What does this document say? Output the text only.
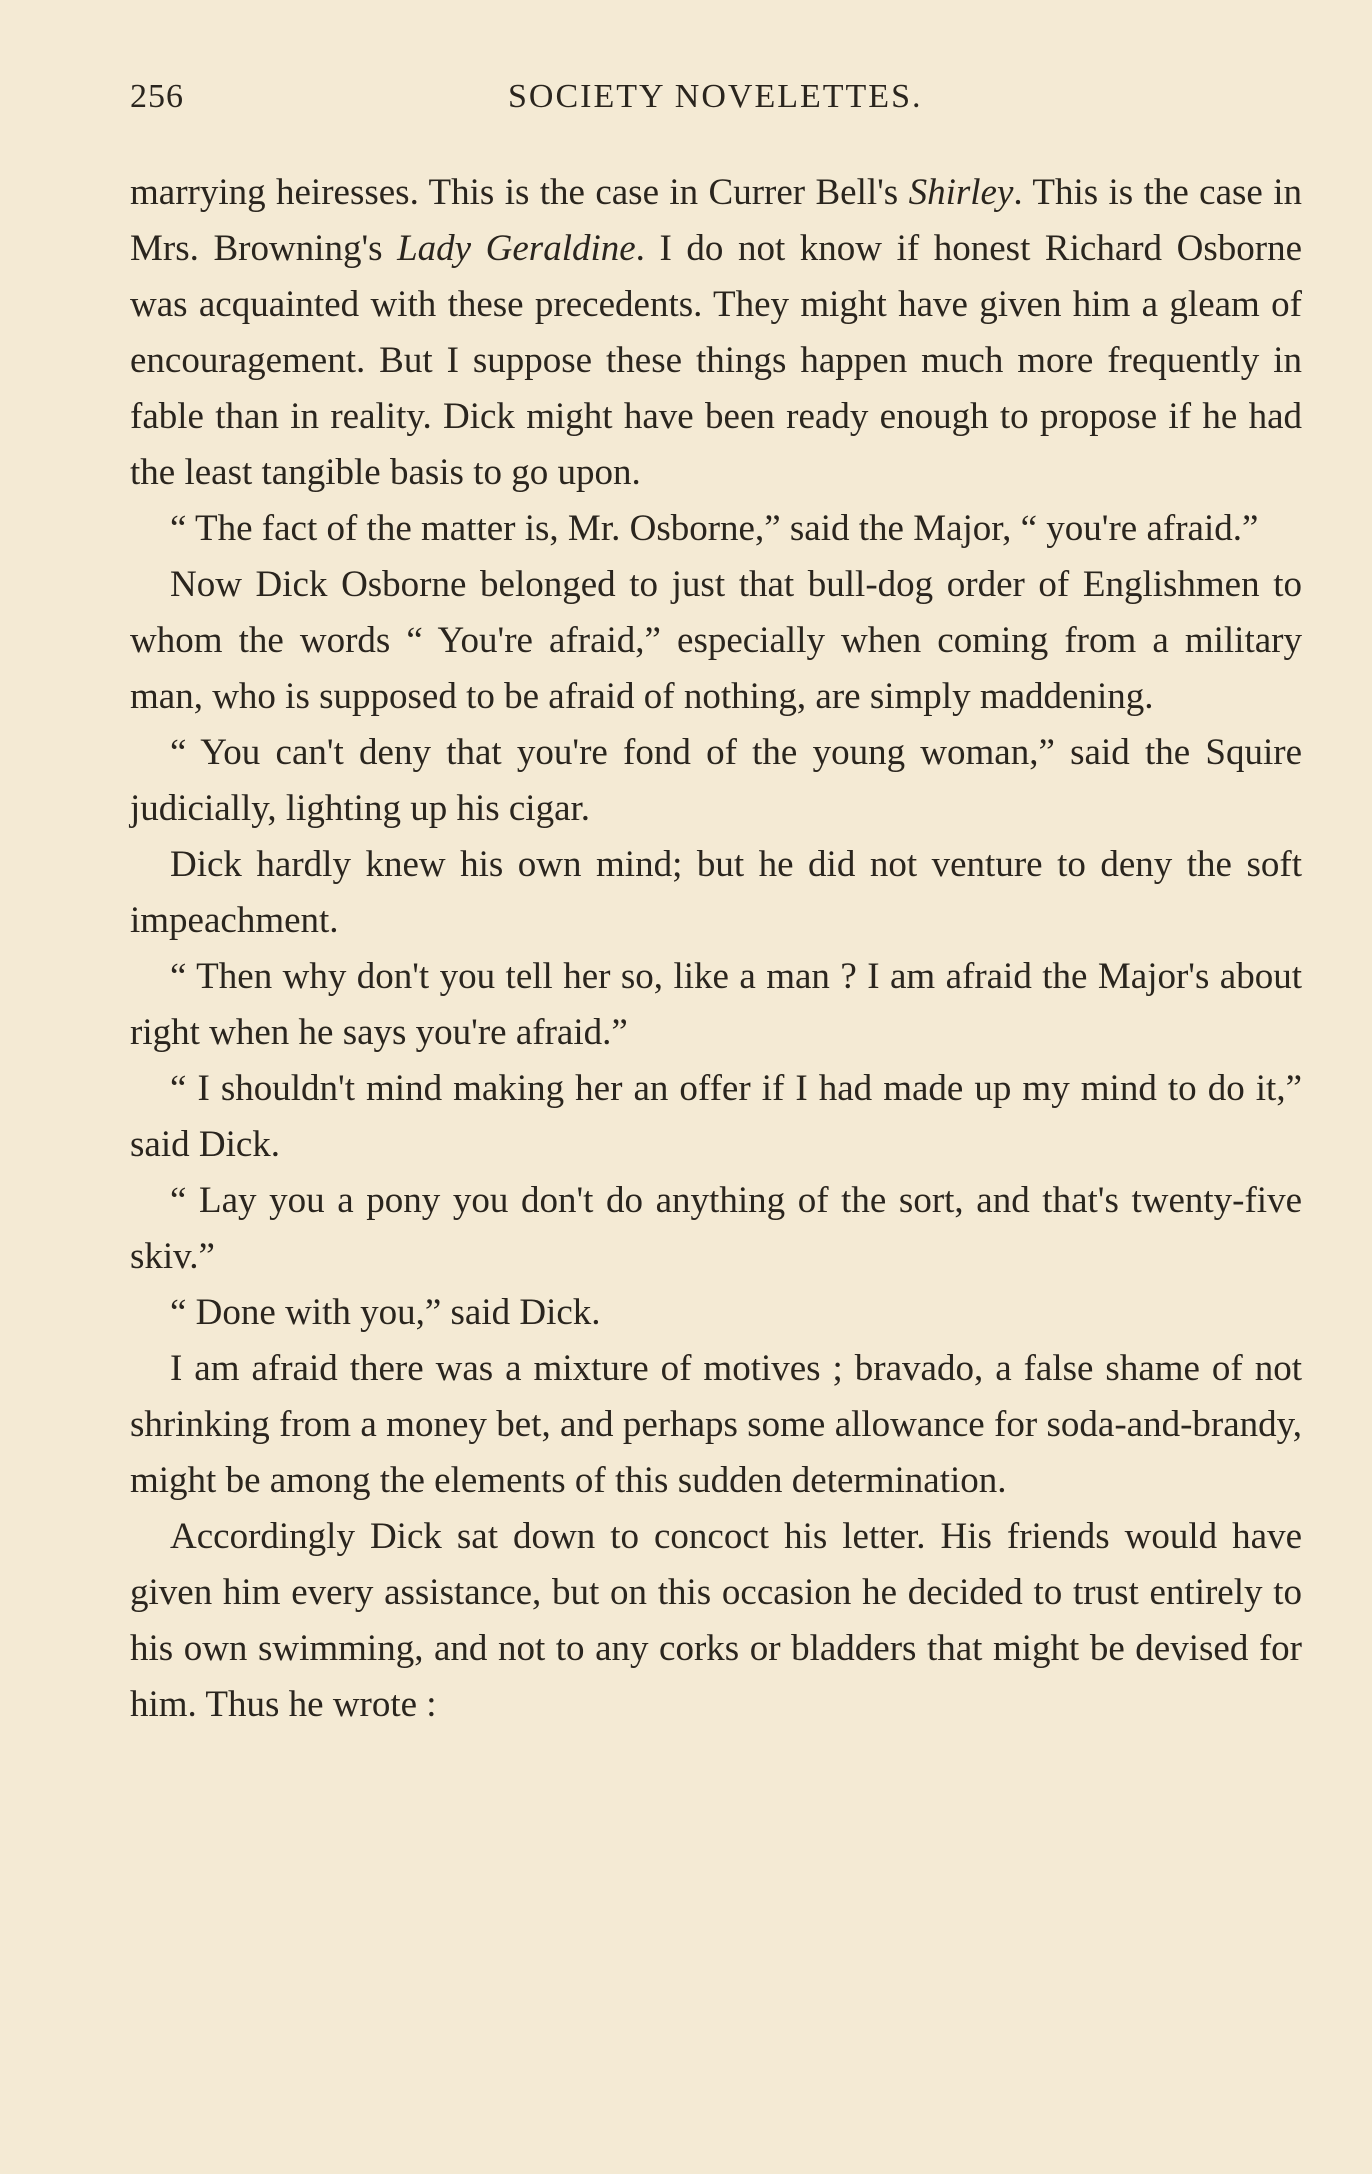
256	SOCIETY NOVELETTES.

marrying heiresses. This is the case in Currer Bell's Shirley. This is the case in Mrs. Browning's Lady Geraldine. I do not know if honest Richard Osborne was acquainted with these precedents. They might have given him a gleam of encouragement. But I suppose these things happen much more frequently in fable than in reality. Dick might have been ready enough to propose if he had the least tangible basis to go upon.

“ The fact of the matter is, Mr. Osborne,” said the Major, “ you're afraid.”

Now Dick Osborne belonged to just that bull-dog order of Englishmen to whom the words “ You're afraid,” especially when coming from a military man, who is supposed to be afraid of nothing, are simply maddening.

“ You can't deny that you're fond of the young woman,” said the Squire judicially, lighting up his cigar.

Dick hardly knew his own mind; but he did not venture to deny the soft impeachment.

“ Then why don't you tell her so, like a man ? I am afraid the Major's about right when he says you're afraid.”

“ I shouldn't mind making her an offer if I had made up my mind to do it,” said Dick.

“ Lay you a pony you don't do anything of the sort, and that's twenty-five skiv.”

“ Done with you,” said Dick.

I am afraid there was a mixture of motives ; bravado, a false shame of not shrinking from a money bet, and perhaps some allowance for soda-and-brandy, might be among the elements of this sudden determination.

Accordingly Dick sat down to concoct his letter. His friends would have given him every assistance, but on this occasion he decided to trust entirely to his own swimming, and not to any corks or bladders that might be devised for him. Thus he wrote :
